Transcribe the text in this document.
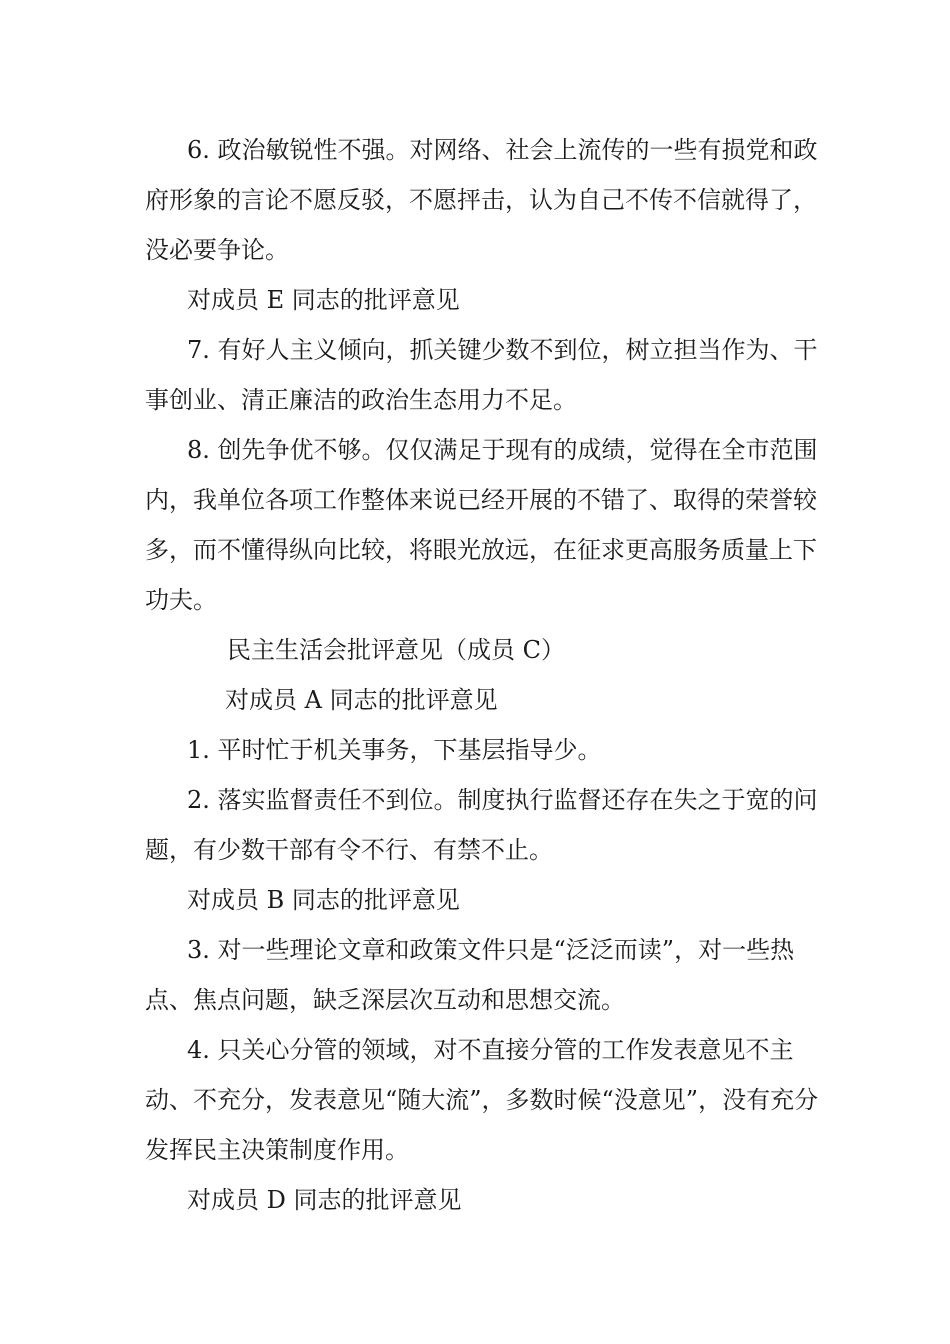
6. 政治敏锐性不强。对网络、社会上流传的一些有损党和政府形象的言论不愿反驳，不愿抨击，认为自己不传不信就得了，没必要争论。

对成员 E 同志的批评意见

7. 有好人主义倾向，抓关键少数不到位，树立担当作为、干事创业、清正廉洁的政治生态用力不足。

8. 创先争优不够。仅仅满足于现有的成绩，觉得在全市范围内，我单位各项工作整体来说已经开展的不错了、取得的荣誉较多，而不懂得纵向比较，将眼光放远，在征求更高服务质量上下功夫。

民主生活会批评意见（成员 C）

对成员 A 同志的批评意见

1. 平时忙于机关事务，下基层指导少。

2. 落实监督责任不到位。制度执行监督还存在失之于宽的问题，有少数干部有令不行、有禁不止。

对成员 B 同志的批评意见

3. 对一些理论文章和政策文件只是“泛泛而读”，对一些热点、焦点问题，缺乏深层次互动和思想交流。

4. 只关心分管的领域，对不直接分管的工作发表意见不主动、不充分，发表意见“随大流”，多数时候“没意见”，没有充分发挥民主决策制度作用。

对成员 D 同志的批评意见
